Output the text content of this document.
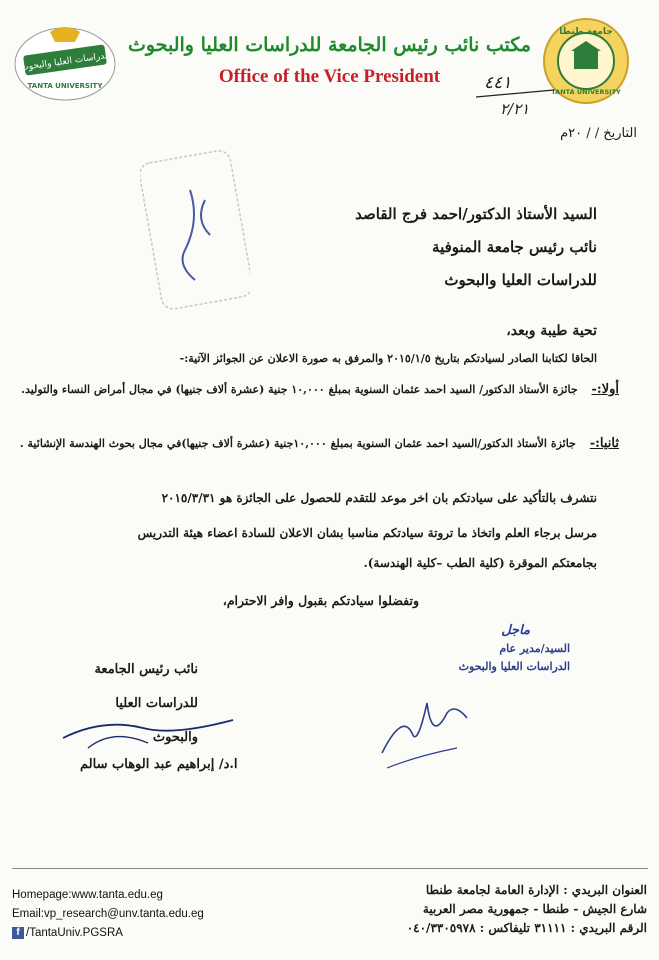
الدراسات العليا والبحوث
TANTA UNIVERSITY
مكتب نائب رئيس الجامعة للدراسات العليا والبحوث
Office of the Vice President
جامعة طنطا
TANTA UNIVERSITY
٤٤١
٢/٢١
التاريخ / / ٢٠م
السيد الأستاذ الدكتور/احمد فرج القاصد
نائب رئيس جامعة المنوفية
للدراسات العليا والبحوث
تحية طيبة وبعد،
الحاقا لكتابنا الصادر لسيادتكم بتاريخ ٢٠١٥/١/٥ والمرفق به صورة الاعلان عن الجوائز الآتية:-
أولا:- جائزة الأستاذ الدكتور/ السيد احمد عثمان السنوية بمبلغ ١٠,٠٠٠ جنية (عشرة ألاف جنيها) في مجال أمراض النساء والتوليد.
ثانيا:- جائزة الأستاذ الدكتور/السيد احمد عثمان السنوية بمبلغ ١٠,٠٠٠جنية (عشرة ألاف جنيها)في مجال بحوث الهندسة الإنشائية .
نتشرف بالتأكيد على سيادتكم بان اخر موعد للتقدم للحصول على الجائزة هو ٢٠١٥/٣/٣١
مرسل برجاء العلم واتخاذ ما تروتة سيادتكم مناسبا بشان الاعلان للسادة اعضاء هيئة التدريس
بجامعتكم الموقرة (كلية الطب –كلية الهندسة).
وتفضلوا سيادتكم بقبول وافر الاحترام،
ماجل
السيد/مدير عام
الدراسات العليا والبحوث
نائب رئيس الجامعة
للدراسات العليا والبحوث
ا.د/ إبراهيم عبد الوهاب سالم
Homepage:www.tanta.edu.eg
Email:vp_research@unv.tanta.edu.eg
f /TantaUniv.PGSRA
العنوان البريدي : الإدارة العامة لجامعة طنطا
شارع الجيش - طنطا - جمهورية مصر العربية
الرقم البريدي : ٣١١١١ تليفاكس : ٠٤٠/٣٣٠٥٩٧٨
